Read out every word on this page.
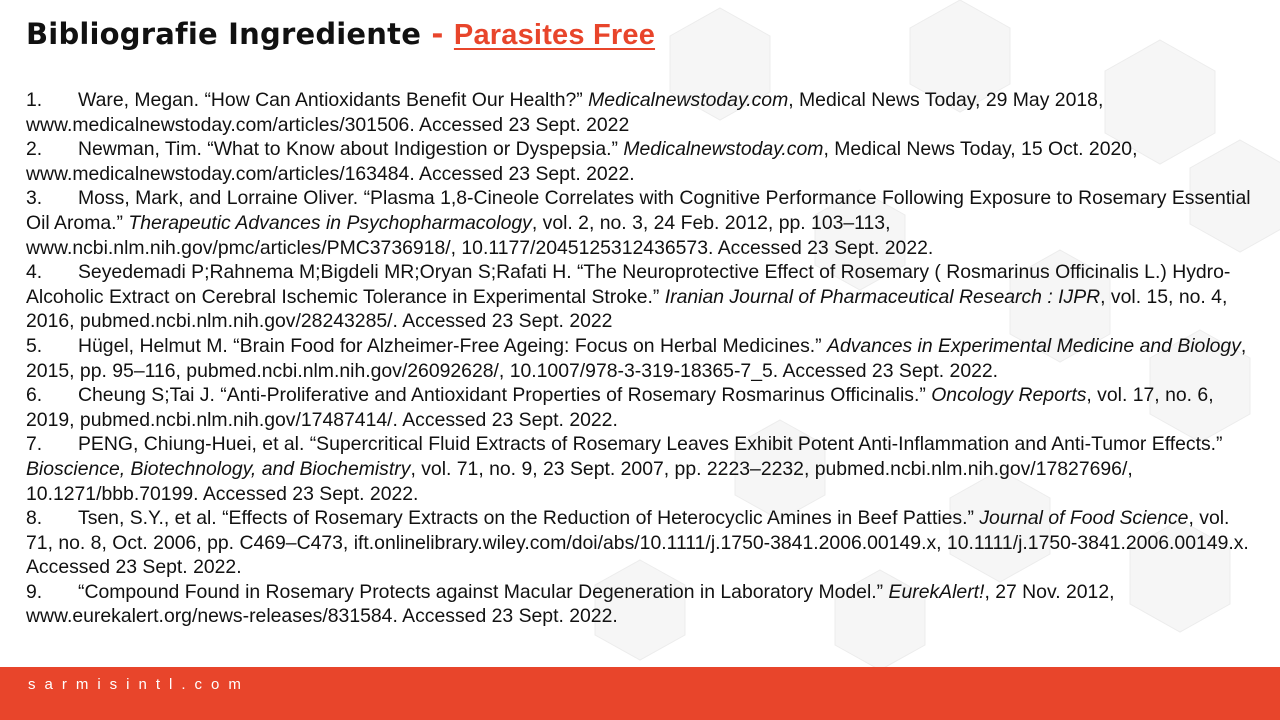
Bibliografie Ingrediente - Parasites Free
1. Ware, Megan. “How Can Antioxidants Benefit Our Health?” Medicalnewstoday.com, Medical News Today, 29 May 2018, www.medicalnewstoday.com/articles/301506. Accessed 23 Sept. 2022
2. Newman, Tim. “What to Know about Indigestion or Dyspepsia.” Medicalnewstoday.com, Medical News Today, 15 Oct. 2020, www.medicalnewstoday.com/articles/163484. Accessed 23 Sept. 2022.
3. Moss, Mark, and Lorraine Oliver. “Plasma 1,8-Cineole Correlates with Cognitive Performance Following Exposure to Rosemary Essential Oil Aroma.” Therapeutic Advances in Psychopharmacology, vol. 2, no. 3, 24 Feb. 2012, pp. 103–113, www.ncbi.nlm.nih.gov/pmc/articles/PMC3736918/, 10.1177/2045125312436573. Accessed 23 Sept. 2022.
4. Seyedemadi P;Rahnema M;Bigdeli MR;Oryan S;Rafati H. “The Neuroprotective Effect of Rosemary ( Rosmarinus Officinalis L.) Hydro-Alcoholic Extract on Cerebral Ischemic Tolerance in Experimental Stroke.” Iranian Journal of Pharmaceutical Research : IJPR, vol. 15, no. 4, 2016, pubmed.ncbi.nlm.nih.gov/28243285/. Accessed 23 Sept. 2022
5. Hügel, Helmut M. “Brain Food for Alzheimer-Free Ageing: Focus on Herbal Medicines.” Advances in Experimental Medicine and Biology, 2015, pp. 95–116, pubmed.ncbi.nlm.nih.gov/26092628/, 10.1007/978-3-319-18365-7_5. Accessed 23 Sept. 2022.
6. Cheung S;Tai J. “Anti-Proliferative and Antioxidant Properties of Rosemary Rosmarinus Officinalis.” Oncology Reports, vol. 17, no. 6, 2019, pubmed.ncbi.nlm.nih.gov/17487414/. Accessed 23 Sept. 2022.
7. PENG, Chiung-Huei, et al. “Supercritical Fluid Extracts of Rosemary Leaves Exhibit Potent Anti-Inflammation and Anti-Tumor Effects.” Bioscience, Biotechnology, and Biochemistry, vol. 71, no. 9, 23 Sept. 2007, pp. 2223–2232, pubmed.ncbi.nlm.nih.gov/17827696/, 10.1271/bbb.70199. Accessed 23 Sept. 2022.
8. Tsen, S.Y., et al. “Effects of Rosemary Extracts on the Reduction of Heterocyclic Amines in Beef Patties.” Journal of Food Science, vol. 71, no. 8, Oct. 2006, pp. C469–C473, ift.onlinelibrary.wiley.com/doi/abs/10.1111/j.1750-3841.2006.00149.x, 10.1111/j.1750-3841.2006.00149.x. Accessed 23 Sept. 2022.
9. “Compound Found in Rosemary Protects against Macular Degeneration in Laboratory Model.” EurekAlert!, 27 Nov. 2012, www.eurekalert.org/news-releases/831584. Accessed 23 Sept. 2022.
sarmisintl.com
